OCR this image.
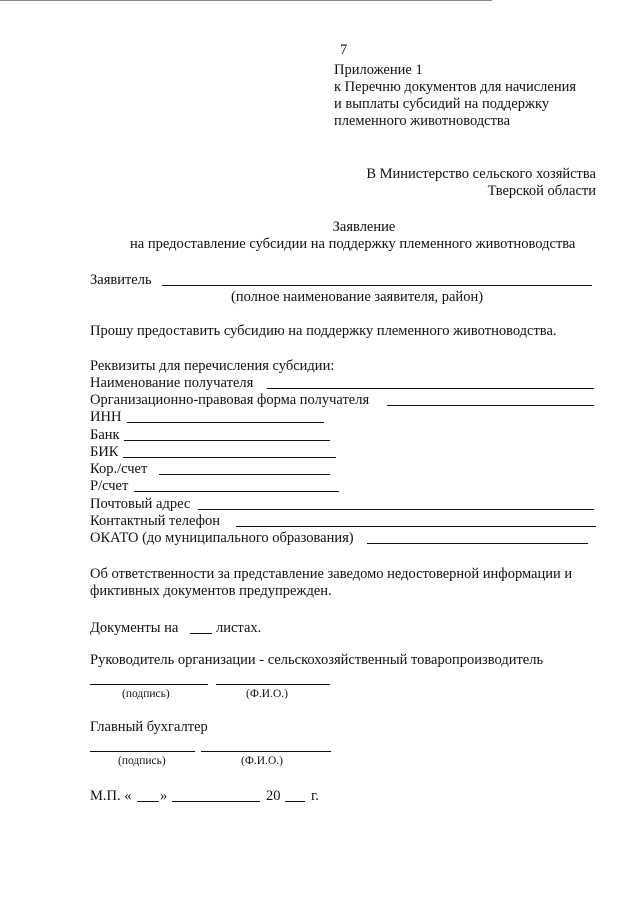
7
Приложение 1
к Перечню документов для начисления
и выплаты субсидий на поддержку
племенного животноводства
В Министерство сельского хозяйства
Тверской области
Заявление
на предоставление субсидии на поддержку племенного животноводства
Заявитель
(полное наименование заявителя, район)
Прошу предоставить субсидию на поддержку племенного животноводства.
Реквизиты для перечисления субсидии:
Наименование получателя
Организационно-правовая форма получателя
ИНН
Банк
БИК
Кор./счет
Р/счет
Почтовый адрес
Контактный телефон
ОКАТО (до муниципального образования)
Об ответственности за представление заведомо недостоверной информации и
фиктивных документов предупрежден.
Документы на	листах.
Руководитель организации - сельскохозяйственный товаропроизводитель
(подпись)	(Ф.И.О.)
Главный бухгалтер
(подпись)	(Ф.И.О.)
М.П. « »	20 г.
